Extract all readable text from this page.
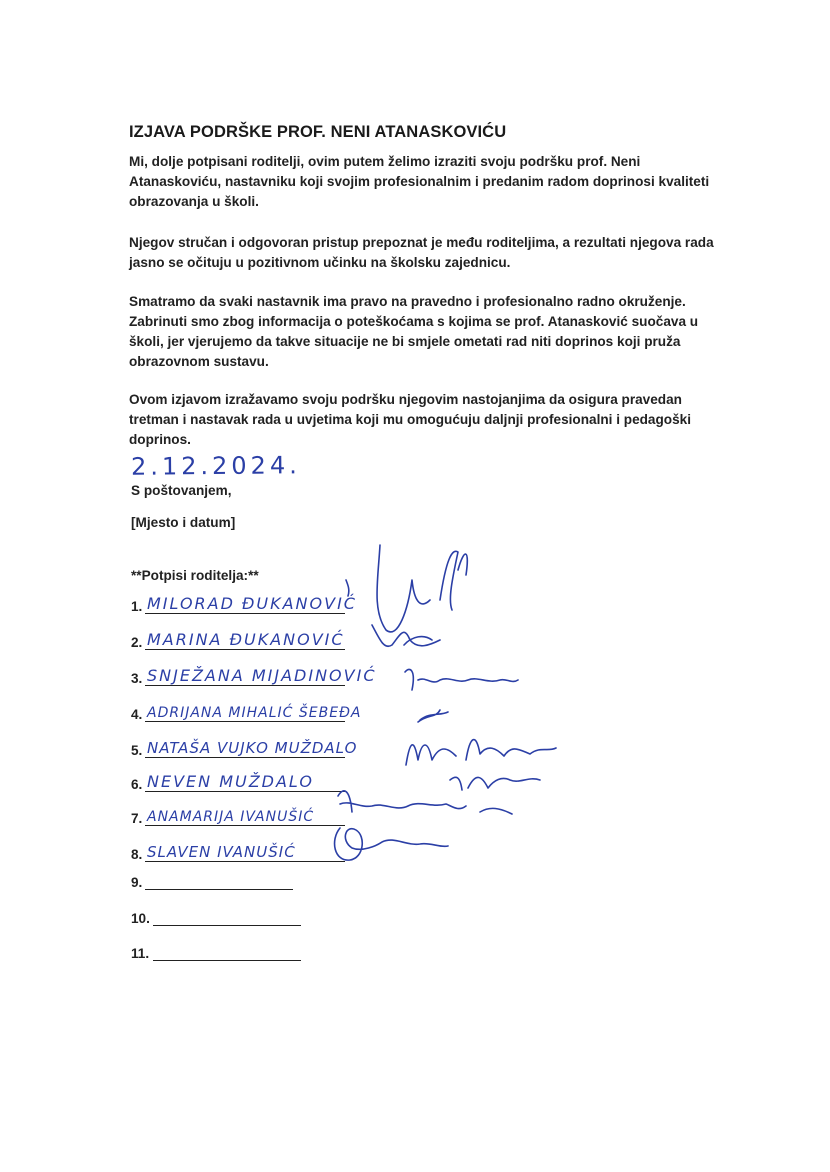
IZJAVA PODRŠKE PROF. NENI ATANASKOVIĆU
Mi, dolje potpisani roditelji, ovim putem želimo izraziti svoju podršku prof. Neni Atanaskoviću, nastavniku koji svojim profesionalnim i predanim radom doprinosi kvaliteti obrazovanja u školi.
Njegov stručan i odgovoran pristup prepoznat je među roditeljima, a rezultati njegova rada jasno se očituju u pozitivnom učinku na školsku zajednicu.
Smatramo da svaki nastavnik ima pravo na pravedno i profesionalno radno okruženje. Zabrinuti smo zbog informacija o poteškoćama s kojima se prof. Atanasković suočava u školi, jer vjerujemo da takve situacije ne bi smjele ometati rad niti doprinos koji pruža obrazovnom sustavu.
Ovom izjavom izražavamo svoju podršku njegovim nastojanjima da osigura pravedan tretman i nastavak rada u uvjetima koji mu omogućuju daljnji profesionalni i pedagoški doprinos.
2.12.2024.
S poštovanjem,
[Mjesto i datum]
**Potpisi roditelja:**
1. MILORAD ĐUKANOVIĆ
2. MARINA ĐUKANOVIĆ
3. SNJEŽANA MIJADINOVIĆ
4. ADRIJANA MIHALIĆ ŠEBEĐA
5. NATAŠA VUJKO MUŽDALO
6. NEVEN MUŽDALO
7. ANAMARIJA IVANUŠIĆ
8. SLAVEN IVANUŠIĆ
9.
10.
11.
